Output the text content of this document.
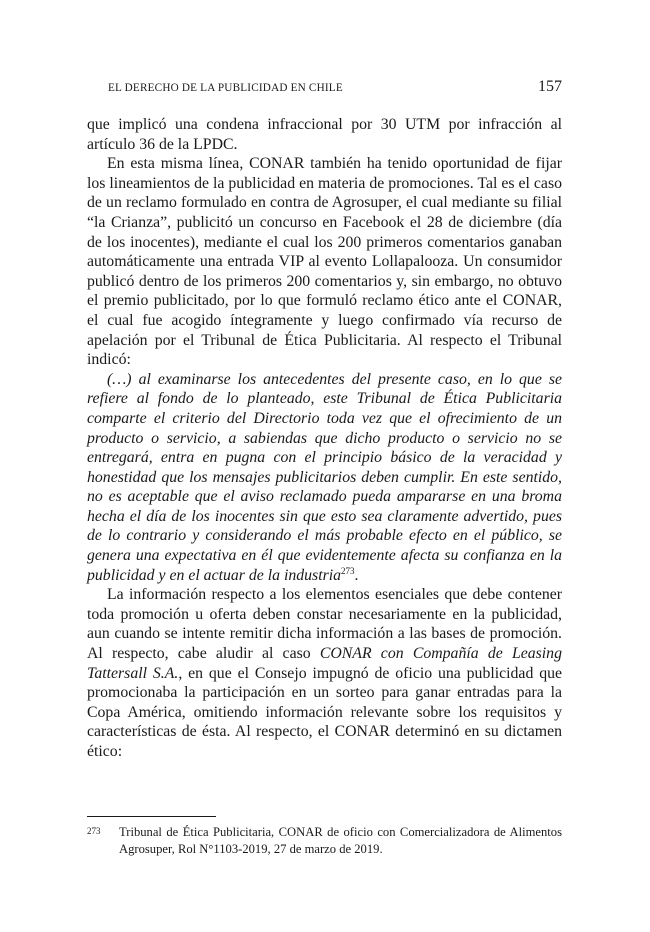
EL DERECHO DE LA PUBLICIDAD EN CHILE	157

que implicó una condena infraccional por 30 UTM por infracción al artículo 36 de la LPDC.

En esta misma línea, CONAR también ha tenido oportunidad de fijar los lineamientos de la publicidad en materia de promociones. Tal es el caso de un reclamo formulado en contra de Agrosuper, el cual mediante su filial “la Crianza”, publicitó un concurso en Facebook el 28 de diciembre (día de los inocentes), mediante el cual los 200 primeros comentarios ganaban automáticamente una entrada VIP al evento Lollapalooza. Un consumidor publicó dentro de los primeros 200 comentarios y, sin embargo, no obtuvo el premio publicitado, por lo que formuló reclamo ético ante el CONAR, el cual fue acogido íntegramente y luego confirmado vía recurso de apelación por el Tribunal de Ética Publicitaria. Al respecto el Tribunal indicó:

(…) al examinarse los antecedentes del presente caso, en lo que se refiere al fondo de lo planteado, este Tribunal de Ética Publicitaria comparte el criterio del Directorio toda vez que el ofrecimiento de un producto o servicio, a sabiendas que dicho producto o servicio no se entregará, entra en pugna con el principio básico de la veracidad y honestidad que los mensajes publicitarios deben cumplir. En este sentido, no es aceptable que el aviso reclamado pueda ampararse en una broma hecha el día de los inocentes sin que esto sea claramente advertido, pues de lo contrario y considerando el más probable efecto en el público, se genera una expectativa en él que evidentemente afecta su confianza en la publicidad y en el actuar de la industria$^{273}$.

La información respecto a los elementos esenciales que debe contener toda promoción u oferta deben constar necesariamente en la publicidad, aun cuando se intente remitir dicha información a las bases de promoción. Al respecto, cabe aludir al caso CONAR con Compañía de Leasing Tattersall S.A., en que el Consejo impugnó de oficio una publicidad que promocionaba la participación en un sorteo para ganar entradas para la Copa América, omitiendo información relevante sobre los requisitos y características de ésta. Al respecto, el CONAR determinó en su dictamen ético:

273 Tribunal de Ética Publicitaria, CONAR de oficio con Comercializadora de Alimentos Agrosuper, Rol N°1103-2019, 27 de marzo de 2019.
